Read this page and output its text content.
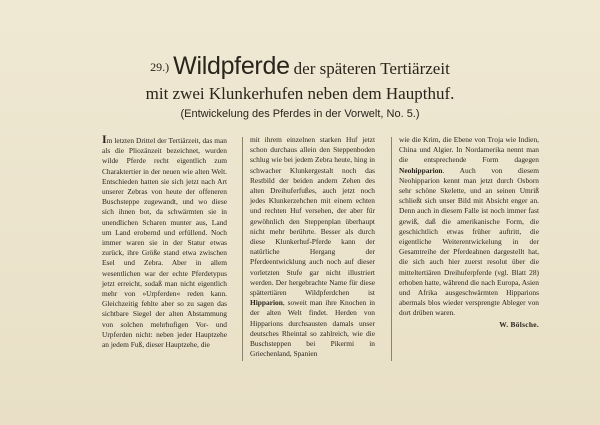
29.) Wildpferde der späteren Tertiärzeit
mit zwei Klunkerhufen neben dem Haupthuf.
(Entwickelung des Pferdes in der Vorwelt, No. 5.)
Im letzten Drittel der Tertiärzeit, das man als die Pliozänzeit bezeichnet, wurden wilde Pferde recht eigentlich zum Charaktertier in der neuen wie alten Welt. Entschieden hatten sie sich jetzt nach Art unserer Zebras von heute der offeneren Buschsteppe zugewandt, und wo diese sich ihnen bot, da schwärmten sie in unendlichen Scharen munter aus, Land um Land erobernd und erfüllend. Noch immer waren sie in der Statur etwas zurück, ihre Größe stand etwa zwischen Esel und Zebra. Aber in allem wesentlichen war der echte Pferdetypus jetzt erreicht, sodaß man nicht eigentlich mehr von »Urpferden« reden kann. Gleichzeitig fehlte aber so zu sagen das sichtbare Siegel der alten Abstammung von solchen mehrhufigen Vor- und Urpferden nicht: neben jeder Hauptzehe an jedem Fuß, dieser Hauptzehe, die
mit ihrem einzelnen starken Huf jetzt schon durchaus allein den Steppenboden schlug wie bei jedem Zebra heute, hing in schwacher Klunkergestalt noch das Restbild der beiden andern Zehen des alten Dreihuferfußes, auch jetzt noch jedes Klunkerzehchen mit einem echten und rechten Huf versehen, der aber für gewöhnlich den Steppenplan überhaupt nicht mehr berührte. Besser als durch diese Klunkerhuf-Pferde kann der natürliche Hergang der Pferdeentwicklung auch noch auf dieser vorletzten Stufe gar nicht illustriert werden. Der hergebrachte Name für diese spättertiären Wildpferdchen ist Hipparion, soweit man ihre Knochen in der alten Welt findet. Herden von Hipparions durchsausten damals unser deutsches Rheintal so zahlreich, wie die Buschsteppen bei Pikermi in Griechenland, Spanien
wie die Krim, die Ebene von Troja wie Indien, China und Algier. In Nordamerika nennt man die entsprechende Form dagegen Neohipparion. Auch von diesem Neohipparion kennt man jetzt durch Osborn sehr schöne Skelette, und an seinen Umriß schließt sich unser Bild mit Absicht enger an. Denn auch in diesem Falle ist noch immer fast gewiß, daß die amerikanische Form, die geschichtlich etwas früher auftritt, die eigentliche Weiterentwickelung in der Gesamtreihe der Pferdeahnen dargestellt hat, die sich auch hier zuerst resolut über die mitteltertiären Dreihuferpferde (vgl. Blatt 28) erhoben hatte, während die nach Europa, Asien und Afrika ausgeschwärmten Hipparions abermals blos wieder versprengte Ableger von dort drüben waren.
W. Bölsche.
